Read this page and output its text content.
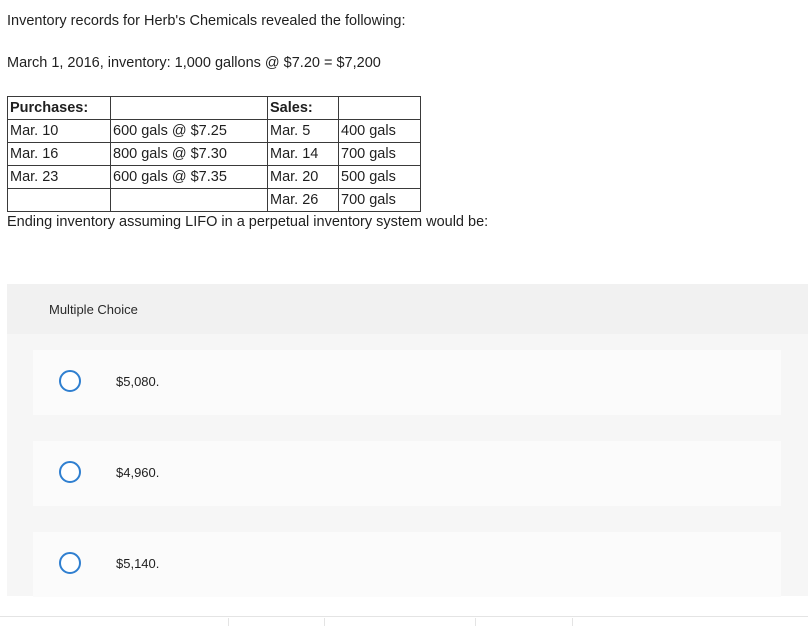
Inventory records for Herb's Chemicals revealed the following:
March 1, 2016, inventory: 1,000 gallons @ $7.20 = $7,200
Purchases:		Sales:	
Mar. 10	600 gals @ $7.25	Mar. 5	400 gals
Mar. 16	800 gals @ $7.30	Mar. 14	700 gals
Mar. 23	600 gals @ $7.35	Mar. 20	500 gals
		Mar. 26	700 gals
Ending inventory assuming LIFO in a perpetual inventory system would be:
Multiple Choice
$5,080.
$4,960.
$5,140.
